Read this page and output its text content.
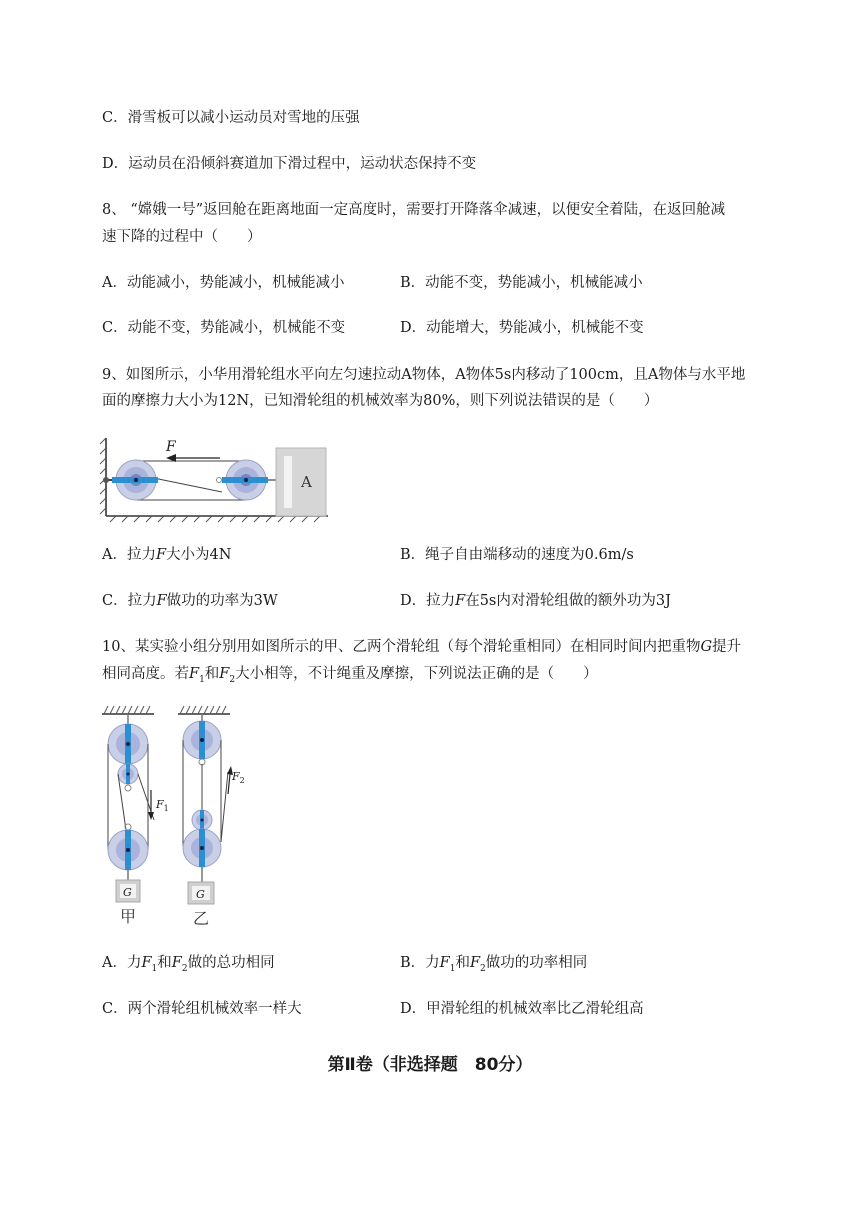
C．滑雪板可以减小运动员对雪地的压强
D．运动员在沿倾斜赛道加下滑过程中，运动状态保持不变
8、 “嫦娥一号”返回舱在距离地面一定高度时，需要打开降落伞减速，以便安全着陆，在返回舱减
速下降的过程中（　　）
A．动能减小，势能减小，机械能减小	B．动能不变，势能减小，机械能减小
C．动能不变，势能减小，机械能不变	D．动能增大，势能减小，机械能不变
9、如图所示，小华用滑轮组水平向左匀速拉动A物体，A物体5s内移动了100cm，且A物体与水平地
面的摩擦力大小为12N，已知滑轮组的机械效率为80%，则下列说法错误的是（　　）
F
A
A．拉力F大小为4N	B．绳子自由端移动的速度为0.6m/s
C．拉力F做功的功率为3W	D．拉力F在5s内对滑轮组做的额外功为3J
10、某实验小组分别用如图所示的甲、乙两个滑轮组（每个滑轮重相同）在相同时间内把重物G提升
相同高度。若$F_1$和$F_2$大小相等，不计绳重及摩擦，下列说法正确的是（　　）
$F_1$
G
甲
$F_2$
G
乙
A．力$F_1$和$F_2$做的总功相同	B．力$F_1$和$F_2$做功的功率相同
C．两个滑轮组机械效率一样大	D．甲滑轮组的机械效率比乙滑轮组高
第Ⅱ卷（非选择题　80分）
